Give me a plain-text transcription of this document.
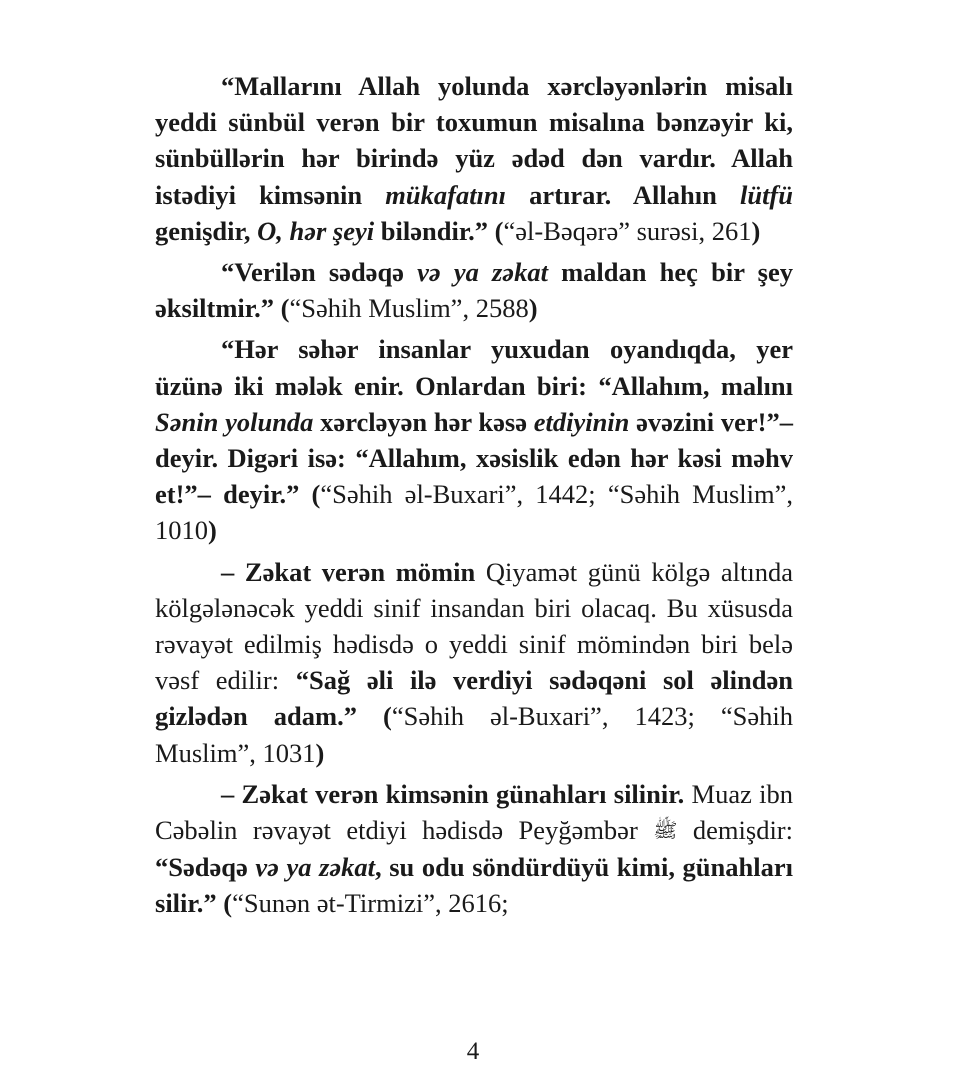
“Mallarını Allah yolunda xərcləyənlərin misalı yeddi sünbül verən bir toxumun misalına bənzəyir ki, sünbüllərin hər birində yüz ədəd dən vardır. Allah istədiyi kimsənin mükafatını artırar. Allahın lütfü genişdir, O, hər şeyi biləndir.” (“əl-Bəqərə” surəsi, 261)

“Verilən sədəqə və ya zəkat maldan heç bir şey əksiltmir.” (“Səhih Muslim”, 2588)

“Hər səhər insanlar yuxudan oyandıqda, yer üzünə iki mələk enir. Onlardan biri: “Allahım, malını Sənin yolunda xərcləyən hər kəsə etdiyinin əvəzini ver!”– deyir. Digəri isə: “Allahım, xəsislik edən hər kəsi məhv et!”– deyir.” (“Səhih əl-Buxari”, 1442; “Səhih Muslim”, 1010)

– Zəkat verən mömin Qiyamət günü kölgə altında kölgələnəcək yeddi sinif insandan biri olacaq. Bu xüsusda rəvayət edilmiş hədisdə o yeddi sinif mömindən biri belə vəsf edilir: “Sağ əli ilə verdiyi sədəqəni sol əlindən gizlədən adam.” (“Səhih əl-Buxari”, 1423; “Səhih Muslim”, 1031)

– Zəkat verən kimsənin günahları silinir. Muaz ibn Cəbəlin rəvayət etdiyi hədisdə Peyğəmbər ﷺ demişdir: “Sədəqə və ya zəkat, su odu söndürdüyü kimi, günahları silir.” (“Sunən ət-Tirmizi”, 2616;

4
